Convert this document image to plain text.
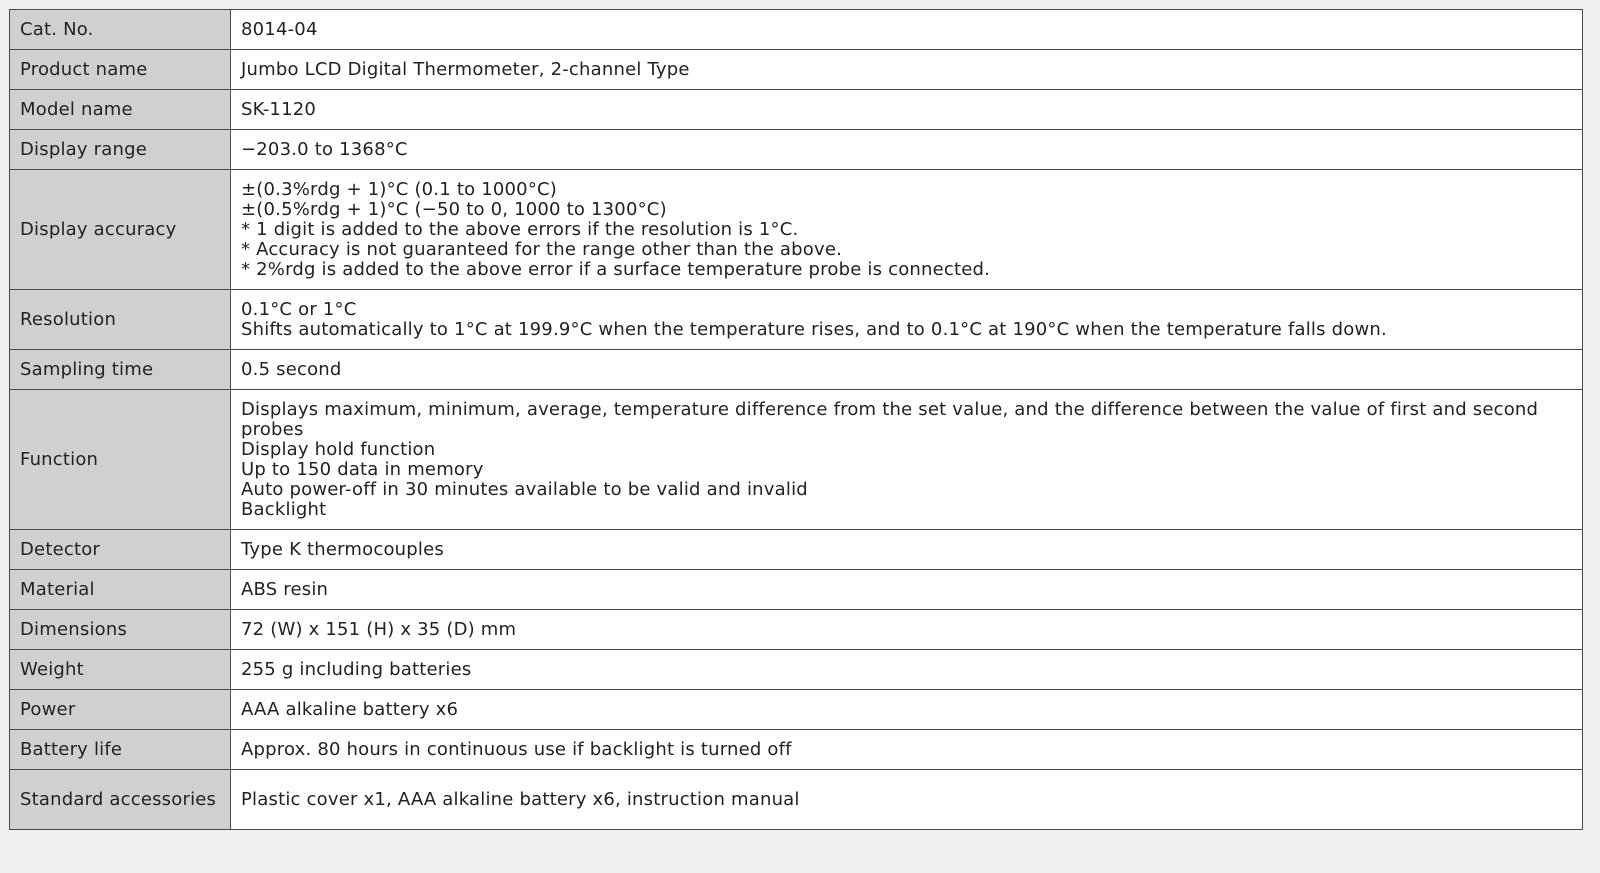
Cat. No.	8014-04

Product name	Jumbo LCD Digital Thermometer, 2-channel Type

Model name	SK-1120

Display range	−203.0 to 1368°C

Display accuracy	±(0.3%rdg + 1)°C (0.1 to 1000°C)
±(0.5%rdg + 1)°C (−50 to 0, 1000 to 1300°C)
* 1 digit is added to the above errors if the resolution is 1°C.
* Accuracy is not guaranteed for the range other than the above.
* 2%rdg is added to the above error if a surface temperature probe is connected.

Resolution	0.1°C or 1°C
Shifts automatically to 1°C at 199.9°C when the temperature rises, and to 0.1°C at 190°C when the temperature falls down.

Sampling time	0.5 second

Function	Displays maximum, minimum, average, temperature difference from the set value, and the difference between the value of first and second probes
Display hold function
Up to 150 data in memory
Auto power-off in 30 minutes available to be valid and invalid
Backlight

Detector	Type K thermocouples

Material	ABS resin

Dimensions	72 (W) x 151 (H) x 35 (D) mm

Weight	255 g including batteries

Power	AAA alkaline battery x6

Battery life	Approx. 80 hours in continuous use if backlight is turned off

Standard accessories	Plastic cover x1, AAA alkaline battery x6, instruction manual
